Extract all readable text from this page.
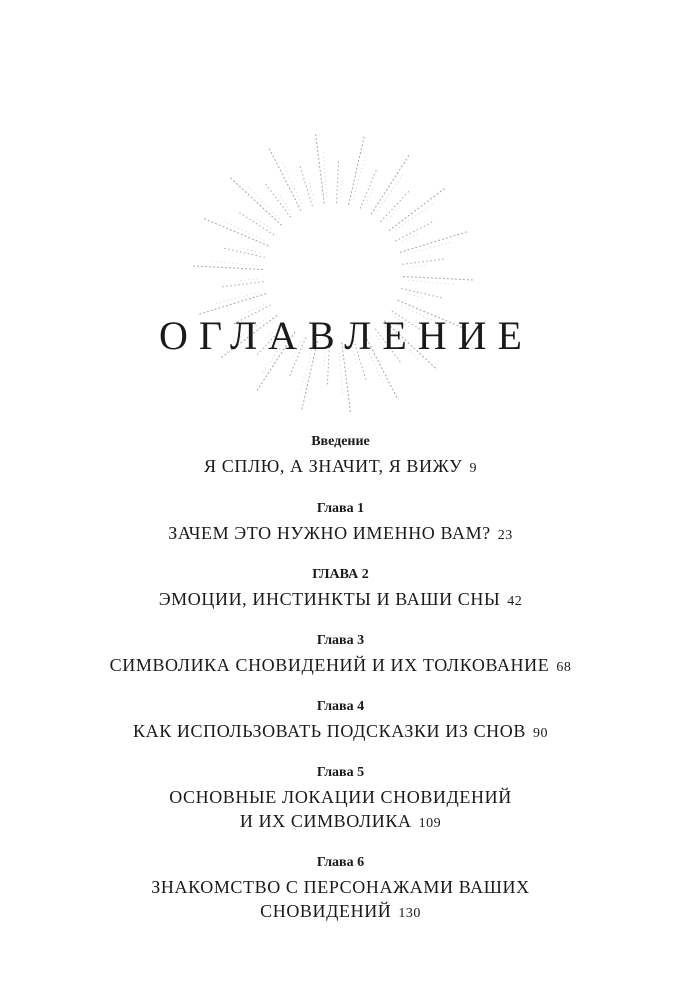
ОГЛАВЛЕНИЕ
Введение
Я СПЛЮ, А ЗНАЧИТ, Я ВИЖУ 9
Глава 1
ЗАЧЕМ ЭТО НУЖНО ИМЕННО ВАМ? 23
ГЛАВА 2
ЭМОЦИИ, ИНСТИНКТЫ И ВАШИ СНЫ 42
Глава 3
СИМВОЛИКА СНОВИДЕНИЙ И ИХ ТОЛКОВАНИЕ 68
Глава 4
КАК ИСПОЛЬЗОВАТЬ ПОДСКАЗКИ ИЗ СНОВ 90
Глава 5
ОСНОВНЫЕ ЛОКАЦИИ СНОВИДЕНИЙ
И ИХ СИМВОЛИКА 109
Глава 6
ЗНАКОМСТВО С ПЕРСОНАЖАМИ ВАШИХ
СНОВИДЕНИЙ 130
